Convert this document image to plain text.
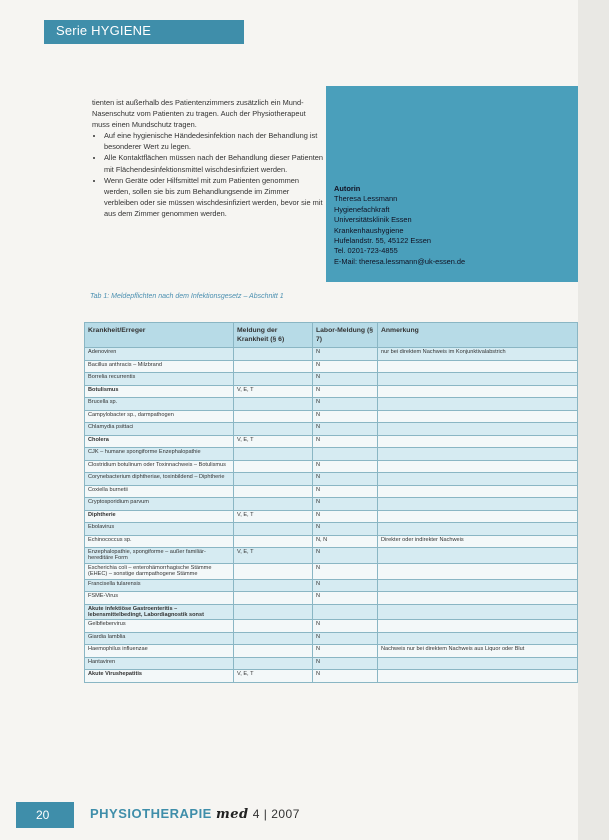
Serie HYGIENE

tienten ist außerhalb des Patientenzimmers zusätzlich ein Mund-Nasenschutz vom Patienten zu tragen. Auch der Physiotherapeut muss einen Mundschutz tragen.

• Auf eine hygienische Händedesinfektion nach der Behandlung ist besonderer Wert zu legen.
• Alle Kontaktflächen müssen nach der Behandlung dieser Patienten mit Flächendesinfektionsmittel wischdesinfiziert werden.
• Wenn Geräte oder Hilfsmittel mit zum Patienten genommen werden, sollen sie bis zum Behandlungsende im Zimmer verbleiben oder sie müssen wischdesinfiziert werden, bevor sie mit aus dem Zimmer genommen werden.
Autorin
Theresa Lessmann
Hygienefachkraft
Universitätsklinik Essen
Krankenhaushygiene
Hufelandstr. 55, 45122 Essen
Tel. 0201-723-4855
E-Mail: theresa.lessmann@uk-essen.de
Tab 1: Meldepflichten nach dem Infektionsgesetz – Abschnitt 1
Krankheit/Erreger	Meldung der Krankheit (§ 6)	Labor-Meldung (§ 7)	Anmerkung
Adenoviren		N	nur bei direktem Nachweis im Konjunktivalabstrich
Bacillus anthracis – Milzbrand		N	
Borrelia recurrentis		N	
Botulismus	V, E, T	N	
Brucella sp.		N	
Campylobacter sp., darmpathogen		N	
Chlamydia psittaci		N	
Cholera	V, E, T	N	
CJK – humane spongiforme Enzephalopathie			
Clostridium botulinum oder Toxinnachweis – Botulismus		N	
Corynebacterium diphtheriae, toxinbildend – Diphtherie		N	
Coxiella burnetii		N	
Cryptosporidium parvum		N	
Diphtherie	V, E, T	N	
Ebolavirus		N	
Echinococcus sp.		N, N	Direkter oder indirekter Nachweis
Enzephalopathie, spongiforme – außer familiär-hereditäre Form	V, E, T	N	
Escherichia coli – enterohämorrhagische Stämme (EHEC) – sonstige darmpathogene Stämme		N	
Francisella tularensis		N	
FSME-Virus		N	
Akute infektiöse Gastroenteritis – lebensmittelbedingt, Labordiagnostik sonst			
Gelbfiebervirus		N	
Giardia lamblia		N	
Haemophilus influenzae		N	Nachweis nur bei direktem Nachweis aus Liquor oder Blut
Hantaviren		N	
Akute Virushepatitis	V, E, T	N	
20	PHYSIOTHERAPIE med 4 | 2007
